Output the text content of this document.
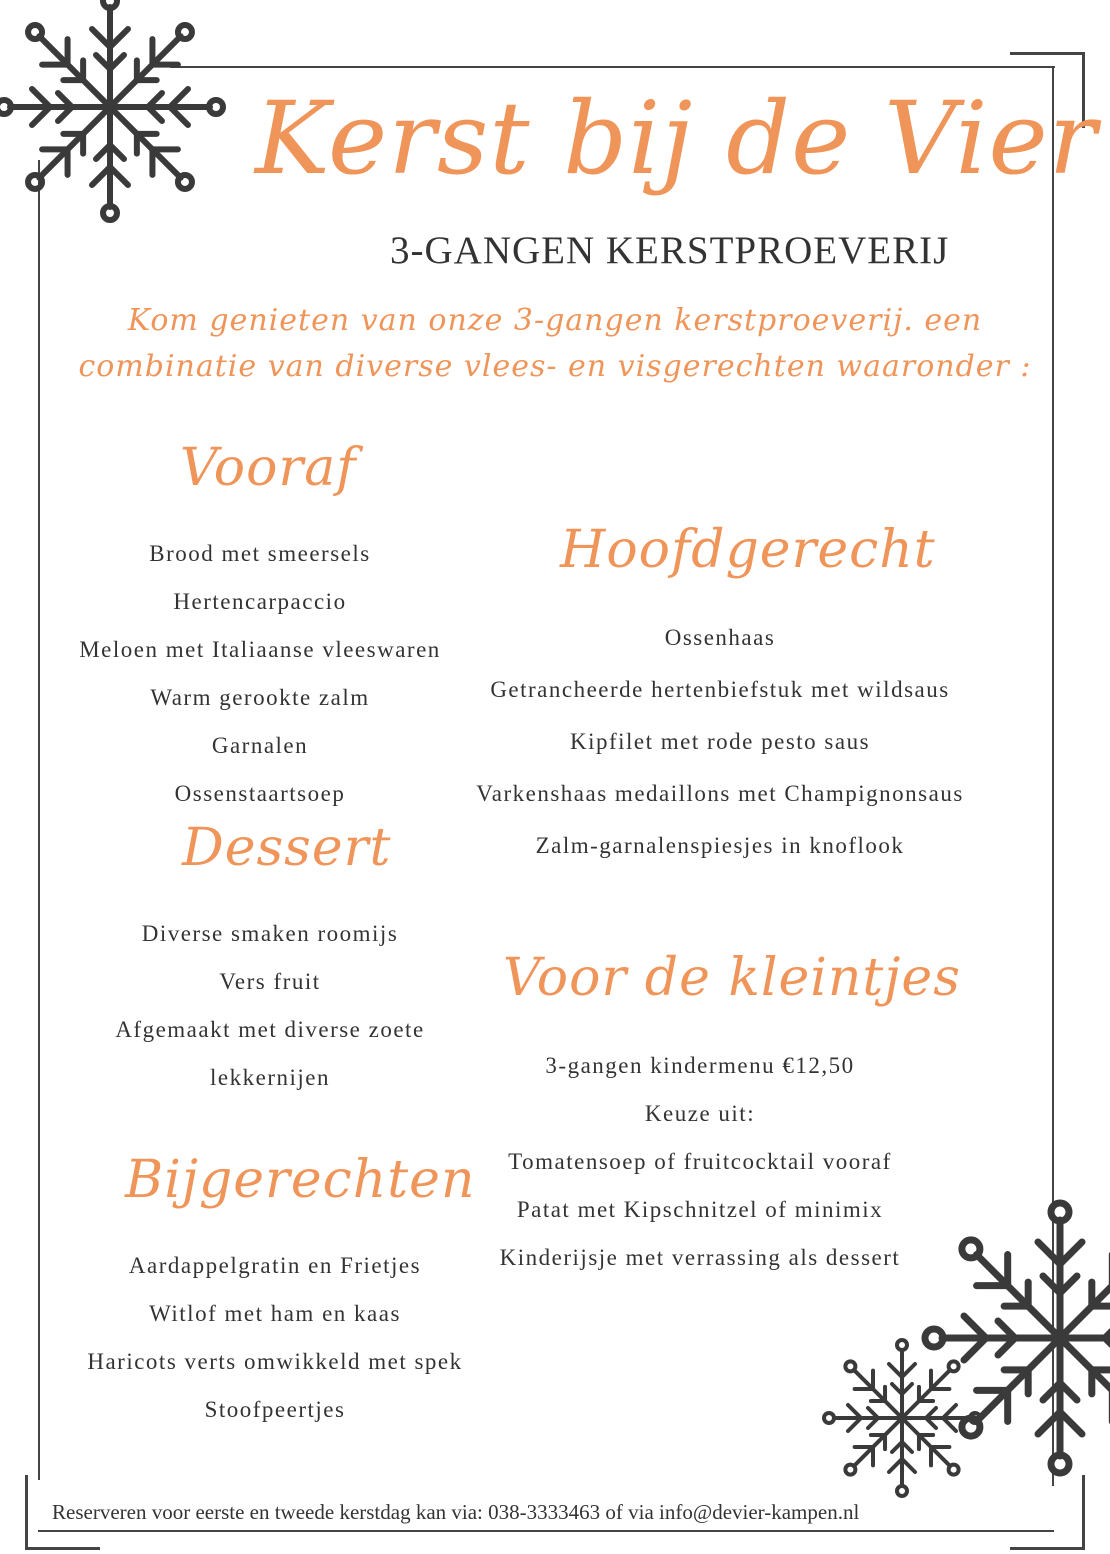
Kerst bij de Vier
3-GANGEN KERSTPROEVERIJ
Kom genieten van onze 3-gangen kerstproeverij. een
combinatie van diverse vlees- en visgerechten waaronder :
Vooraf
Brood met smeersels
Hertencarpaccio
Meloen met Italiaanse vleeswaren
Warm gerookte zalm
Garnalen
Ossenstaartsoep
Hoofdgerecht
Ossenhaas
Getrancheerde hertenbiefstuk met wildsaus
Kipfilet met rode pesto saus
Varkenshaas medaillons met Champignonsaus
Zalm-garnalenspiesjes in knoflook
Dessert
Diverse smaken roomijs
Vers fruit
Afgemaakt met diverse zoete
lekkernijen
Voor de kleintjes
3-gangen kindermenu €12,50
Keuze uit:
Tomatensoep of fruitcocktail vooraf
Patat met Kipschnitzel of minimix
Kinderijsje met verrassing als dessert
Bijgerechten
Aardappelgratin en Frietjes
Witlof met ham en kaas
Haricots verts omwikkeld met spek
Stoofpeertjes
Reserveren voor eerste en tweede kerstdag kan via: 038-3333463 of via info@devier-kampen.nl
